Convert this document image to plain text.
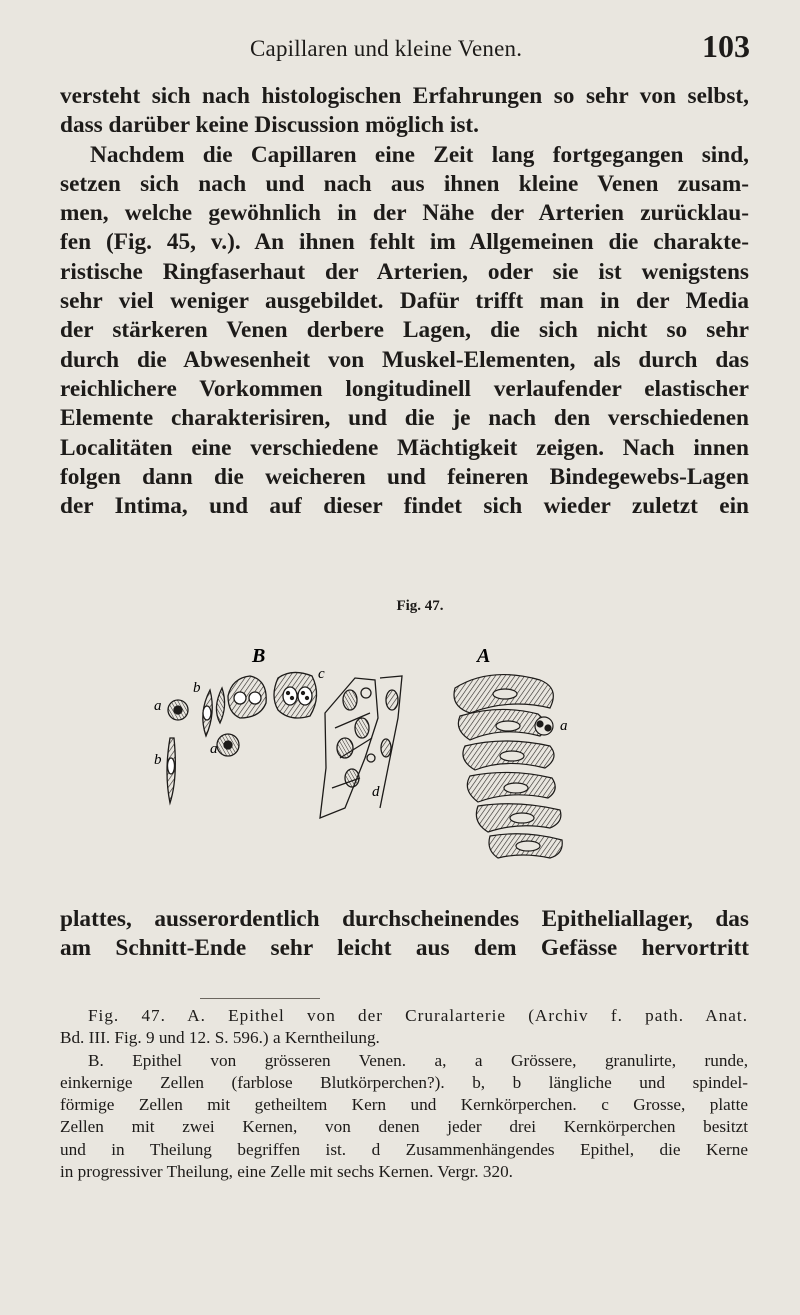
Capillaren und kleine Venen.	103
versteht sich nach histologischen Erfahrungen so sehr von selbst,
dass darüber keine Discussion möglich ist.
Nachdem die Capillaren eine Zeit lang fortgegangen sind,
setzen sich nach und nach aus ihnen kleine Venen zusam-
men, welche gewöhnlich in der Nähe der Arterien zurücklau-
fen (Fig. 45, v.). An ihnen fehlt im Allgemeinen die charakte-
ristische Ringfaserhaut der Arterien, oder sie ist wenigstens
sehr viel weniger ausgebildet. Dafür trifft man in der Media
der stärkeren Venen derbere Lagen, die sich nicht so sehr
durch die Abwesenheit von Muskel-Elementen, als durch das
reichlichere Vorkommen longitudinell verlaufender elastischer
Elemente charakterisiren, und die je nach den verschiedenen
Localitäten eine verschiedene Mächtigkeit zeigen. Nach innen
folgen dann die weicheren und feineren Bindegewebs-Lagen
der Intima, und auf dieser findet sich wieder zuletzt ein
Fig. 47.
B	A
a
b
b
a
c
d
a
plattes, ausserordentlich durchscheinendes Epitheliallager, das
am Schnitt-Ende sehr leicht aus dem Gefässe hervortritt
Fig. 47. A. Epithel von der Cruralarterie (Archiv f. path. Anat.
Bd. III. Fig. 9 und 12. S. 596.) a Kerntheilung.
B. Epithel von grösseren Venen. a, a Grössere, granulirte, runde,
einkernige Zellen (farblose Blutkörperchen?). b, b längliche und spindel-
förmige Zellen mit getheiltem Kern und Kernkörperchen. c Grosse, platte
Zellen mit zwei Kernen, von denen jeder drei Kernkörperchen besitzt
und in Theilung begriffen ist. d Zusammenhängendes Epithel, die Kerne
in progressiver Theilung, eine Zelle mit sechs Kernen. Vergr. 320.
